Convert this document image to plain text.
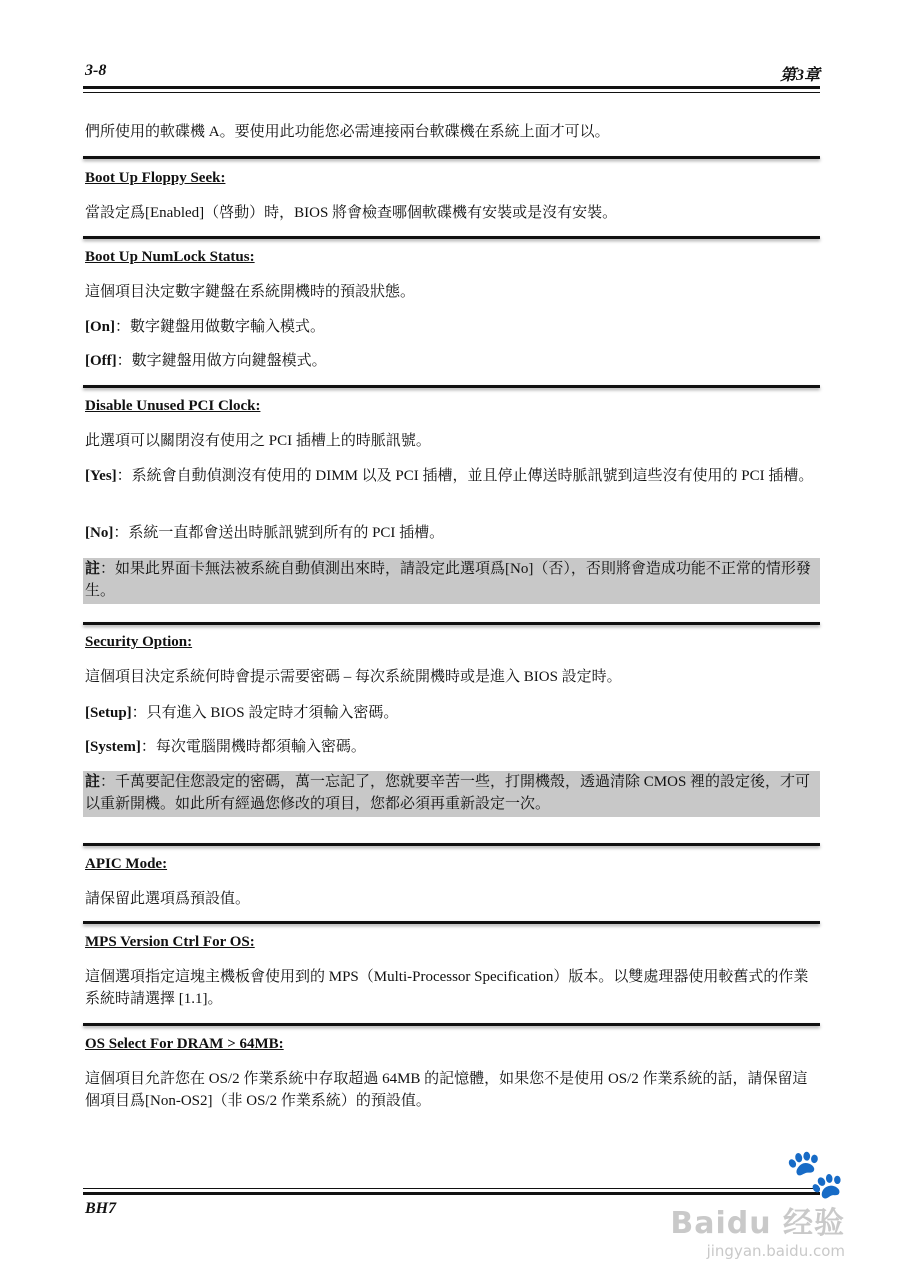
3-8	第3章
們所使用的軟碟機 A。要使用此功能您必需連接兩台軟碟機在系統上面才可以。
Boot Up Floppy Seek:
當設定爲[Enabled]（啓動）時，BIOS 將會檢查哪個軟碟機有安裝或是沒有安裝。
Boot Up NumLock Status:
這個項目決定數字鍵盤在系統開機時的預設狀態。
[On]：數字鍵盤用做數字輸入模式。
[Off]：數字鍵盤用做方向鍵盤模式。
Disable Unused PCI Clock:
此選項可以關閉沒有使用之 PCI 插槽上的時脈訊號。
[Yes]：系統會自動偵測沒有使用的 DIMM 以及 PCI 插槽，並且停止傳送時脈訊號到這些沒有使用的 PCI 插槽。
[No]：系統一直都會送出時脈訊號到所有的 PCI 插槽。
註：如果此界面卡無法被系統自動偵測出來時，請設定此選項爲[No]（否），否則將會造成功能不正常的情形發生。
Security Option:
這個項目決定系統何時會提示需要密碼 – 每次系統開機時或是進入 BIOS 設定時。
[Setup]：只有進入 BIOS 設定時才須輸入密碼。
[System]：每次電腦開機時都須輸入密碼。
註：千萬要記住您設定的密碼，萬一忘記了，您就要辛苦一些，打開機殼，透過清除 CMOS 裡的設定後，才可以重新開機。如此所有經過您修改的項目，您都必須再重新設定一次。
APIC Mode:
請保留此選項爲預設值。
MPS Version Ctrl For OS:
這個選項指定這塊主機板會使用到的 MPS（Multi-Processor Specification）版本。以雙處理器使用較舊式的作業系統時請選擇 [1.1]。
OS Select For DRAM > 64MB:
這個項目允許您在 OS/2 作業系統中存取超過 64MB 的記憶體，如果您不是使用 OS/2 作業系統的話，請保留這個項目爲[Non-OS2]（非 OS/2 作業系統）的預設值。
BH7
🐾
Baidu 经验
jingyan.baidu.com
